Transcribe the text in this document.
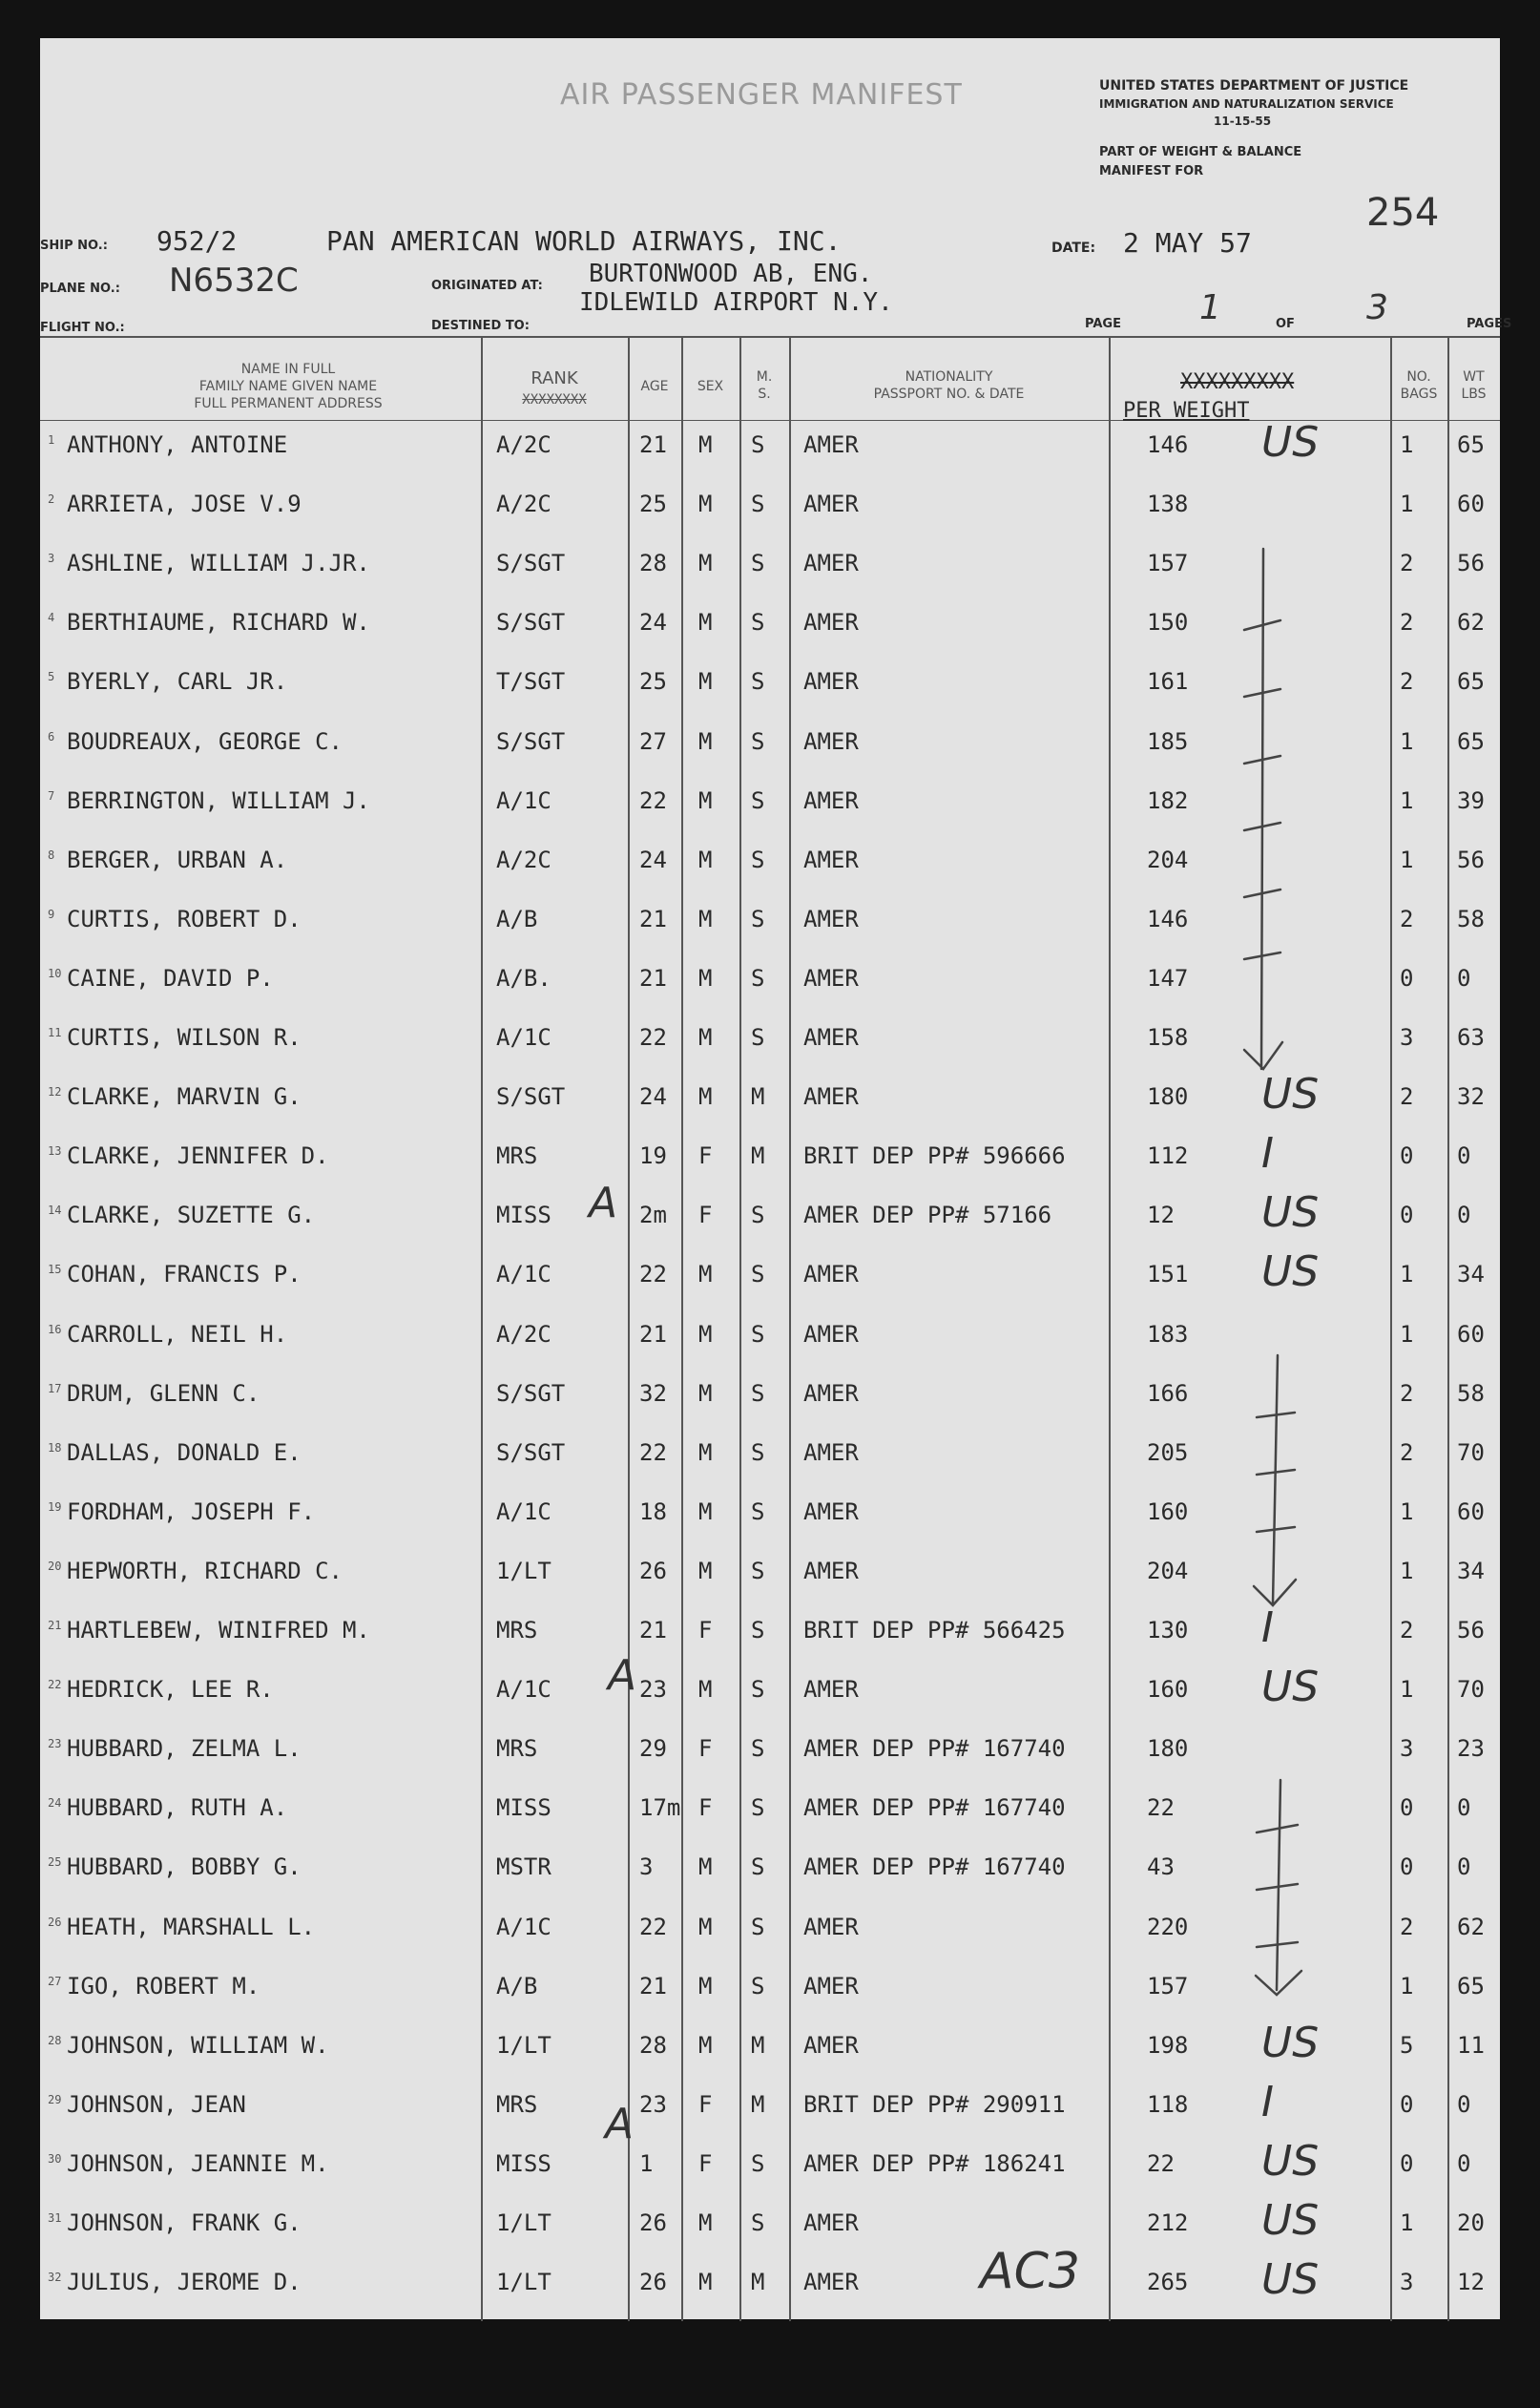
AIR PASSENGER MANIFEST	UNITED STATES DEPARTMENT OF JUSTICE
IMMIGRATION AND NATURALIZATION SERVICE
11-15-55
PART OF WEIGHT & BALANCE
MANIFEST FOR
254
SHIP NO.: 952/2	PAN AMERICAN WORLD AIRWAYS, INC.	DATE: 2 MAY 57
PLANE NO.: N6532C	ORIGINATED AT: BURTONWOOD AB, ENG.
FLIGHT NO.:	DESTINED TO:
IDLEWILD AIRPORT N.Y.
PAGE 1	OF 3	PAGES
NAME IN FULL
FAMILY NAME GIVEN NAME
FULL PERMANENT ADDRESS
RANK
XXXXXXXX
AGE	SEX
M.
S.
NATIONALITY
PASSPORT NO. & DATE	XXXXXXXXX
PER WEIGHT
NO.
BAGS
WT
LBS
1 ANTHONY, ANTOINE	A/2C	21 M S AMER	146 US	1 65
2 ARRIETA, JOSE V.9	A/2C	25 M S AMER	138	1 60
3 ASHLINE, WILLIAM J.JR.	S/SGT	28 M S AMER	157	2 56
4 BERTHIAUME, RICHARD W.	S/SGT	24 M S AMER	150	2 62
5 BYERLY, CARL JR.	T/SGT	25 M S AMER	161	2 65
6 BOUDREAUX, GEORGE C.	S/SGT	27 M S AMER	185	1 65
7 BERRINGTON, WILLIAM J.	A/1C	22 M S AMER	182	1 39
8 BERGER, URBAN A.	A/2C	24 M S AMER	204	1 56
9 CURTIS, ROBERT D.	A/B	21 M S AMER	146	2 58
10 CAINE, DAVID P.	A/B.	21 M S AMER	147	0 0
11 CURTIS, WILSON R.	A/1C	22 M S AMER	158	3 63
12 CLARKE, MARVIN G.	S/SGT	24 M M AMER	180 US	2 32
13 CLARKE, JENNIFER D.	MRS	19 F M BRIT DEP PP# 596666	112 I	0 0
14 CLARKE, SUZETTE G.	MISS	2m F S AMER DEP PP# 57166	12 US	0 0
15 COHAN, FRANCIS P.	A/1C	22 M S AMER	151 US	1 34
16 CARROLL, NEIL H.	A/2C	21 M S AMER	183	1 60
17 DRUM, GLENN C.	S/SGT	32 M S AMER	166	2 58
18 DALLAS, DONALD E.	S/SGT	22 M S AMER	205	2 70
19 FORDHAM, JOSEPH F.	A/1C	18 M S AMER	160	1 60
20 HEPWORTH, RICHARD C.	1/LT	26 M S AMER	204	1 34
21 HARTLEBEW, WINIFRED M.	MRS	21 F S BRIT DEP PP# 566425	130 I	2 56
22 HEDRICK, LEE R.	A/1C	23 M S AMER	160 US	1 70
23 HUBBARD, ZELMA L.	MRS	29 F S AMER DEP PP# 167740	180	3 23
24 HUBBARD, RUTH A.	MISS	17m F S AMER DEP PP# 167740	22	0 0
25 HUBBARD, BOBBY G.	MSTR	3 M S AMER DEP PP# 167740	43	0 0
26 HEATH, MARSHALL L.	A/1C	22 M S AMER	220	2 62
27 IGO, ROBERT M.	A/B	21 M S AMER	157	1 65
28 JOHNSON, WILLIAM W.	1/LT	28 M M AMER	198 US	5 11
29 JOHNSON, JEAN	MRS	23 F M BRIT DEP PP# 290911	118 I	0 0
30 JOHNSON, JEANNIE M.	MISS	1 F S AMER DEP PP# 186241	22 US	0 0
31 JOHNSON, FRANK G.	1/LT	26 M S AMER	212 US	1 20
32 JULIUS, JEROME D.	1/LT	26 M M AMER	265 US	3 12
A
A
A
AC3
